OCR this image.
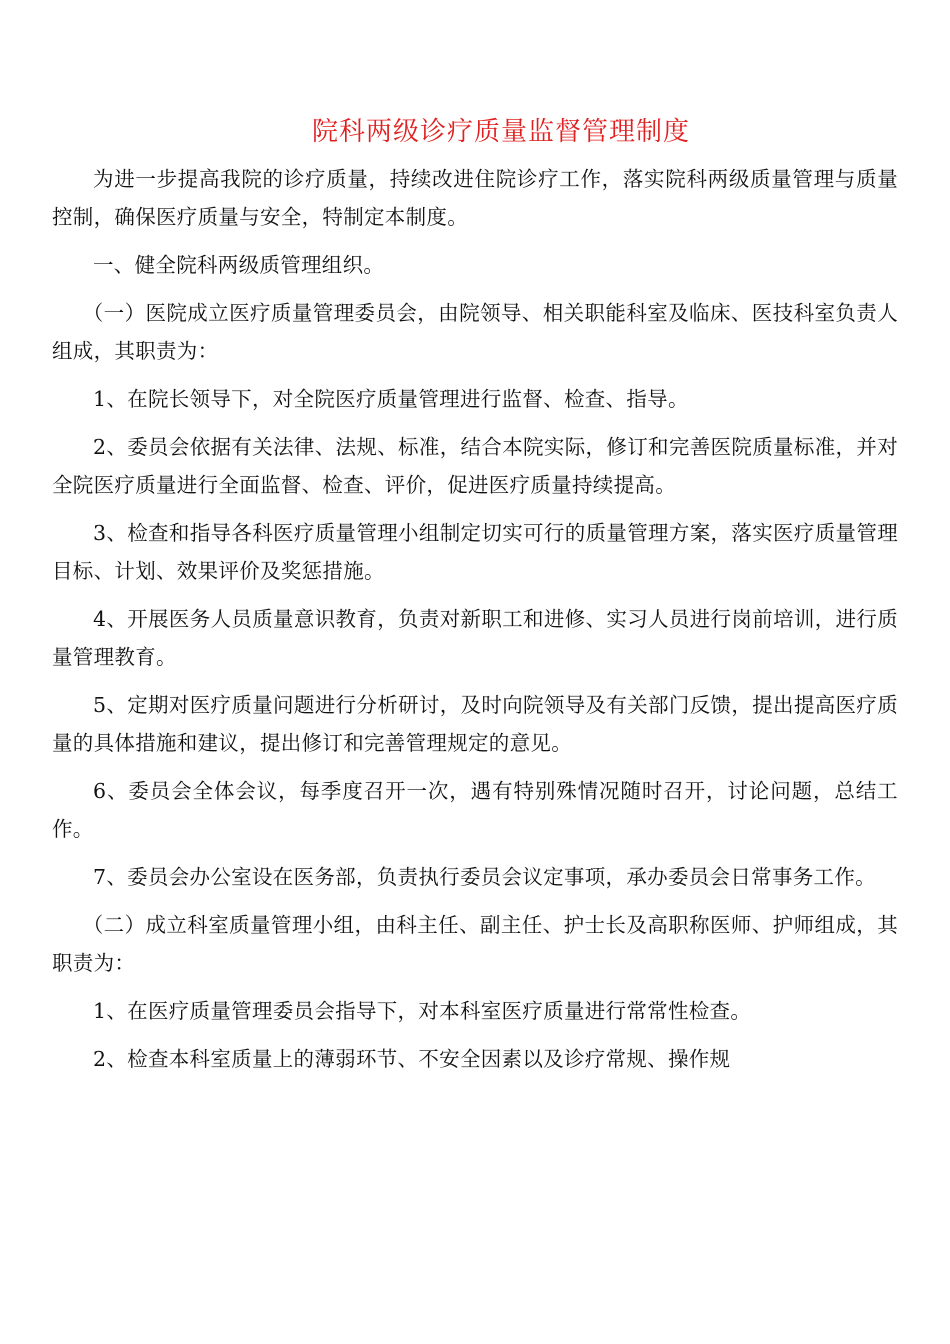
院科两级诊疗质量监督管理制度

为进一步提高我院的诊疗质量，持续改进住院诊疗工作，落实院科两级质量管理与质量控制，确保医疗质量与安全，特制定本制度。

一、健全院科两级质管理组织。

（一）医院成立医疗质量管理委员会，由院领导、相关职能科室及临床、医技科室负责人组成，其职责为：

1、在院长领导下，对全院医疗质量管理进行监督、检查、指导。

2、委员会依据有关法律、法规、标准，结合本院实际，修订和完善医院质量标准，并对全院医疗质量进行全面监督、检查、评价，促进医疗质量持续提高。

3、检查和指导各科医疗质量管理小组制定切实可行的质量管理方案，落实医疗质量管理目标、计划、效果评价及奖惩措施。

4、开展医务人员质量意识教育，负责对新职工和进修、实习人员进行岗前培训，进行质量管理教育。

5、定期对医疗质量问题进行分析研讨，及时向院领导及有关部门反馈，提出提高医疗质量的具体措施和建议，提出修订和完善管理规定的意见。

6、委员会全体会议，每季度召开一次，遇有特别殊情况随时召开，讨论问题，总结工作。

7、委员会办公室设在医务部，负责执行委员会议定事项，承办委员会日常事务工作。

（二）成立科室质量管理小组，由科主任、副主任、护士长及高职称医师、护师组成，其职责为：

1、在医疗质量管理委员会指导下，对本科室医疗质量进行常常性检查。

2、检查本科室质量上的薄弱环节、不安全因素以及诊疗常规、操作规
